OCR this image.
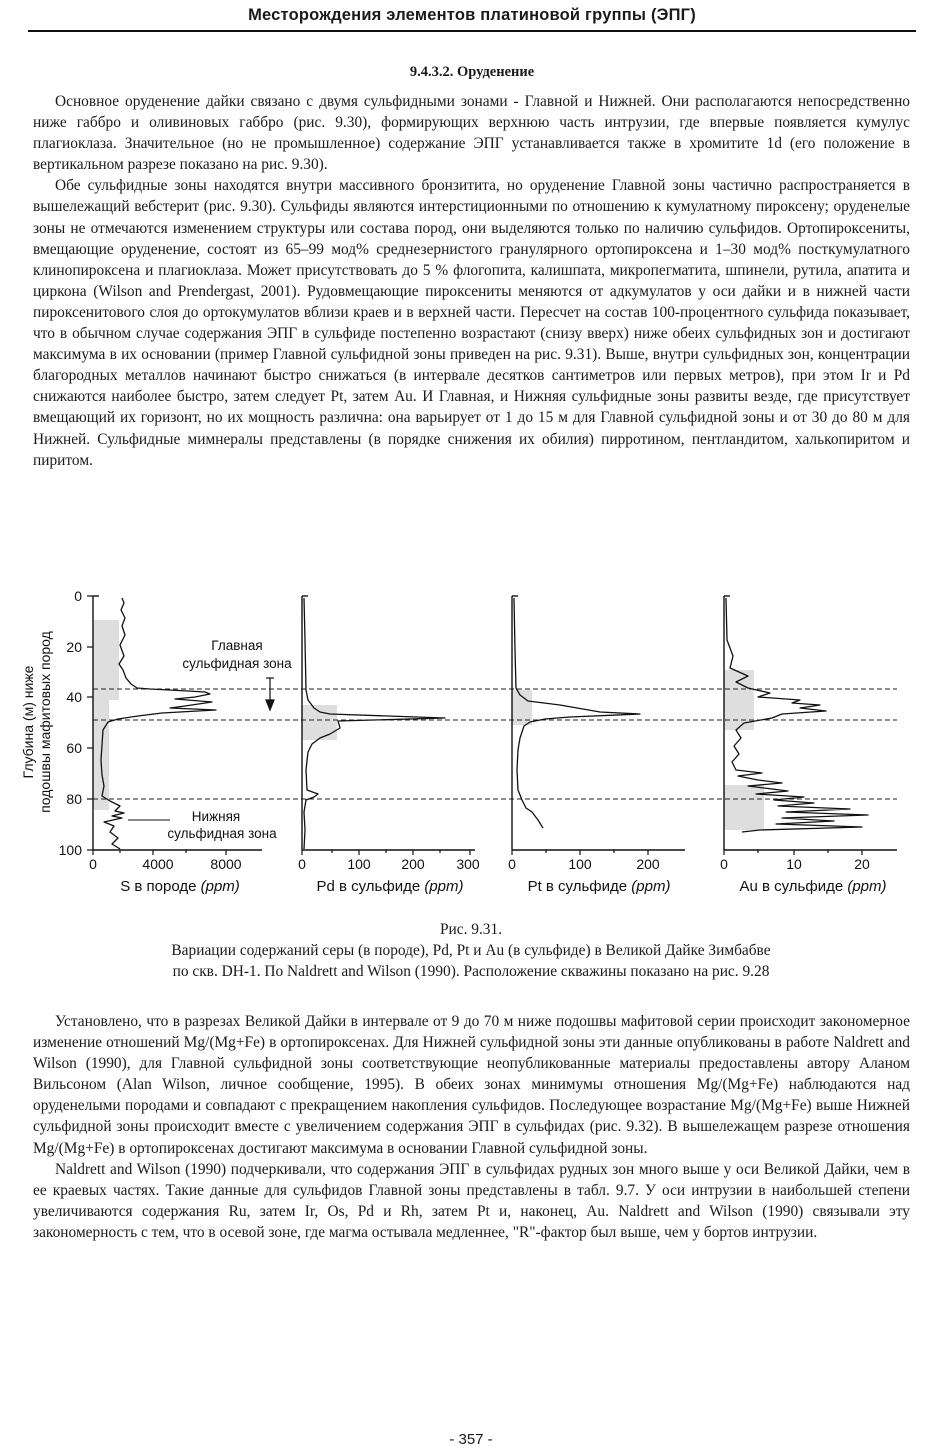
Месторождения элементов платиновой группы (ЭПГ)
9.4.3.2. Оруденение

Основное оруденение дайки связано с двумя сульфидными зонами - Главной и Нижней. Они располагаются непосредственно ниже габбро и оливиновых габбро (рис. 9.30), формирующих верхнюю часть интрузии, где впервые появляется кумулус плагиоклаза. Значительное (но не промышленное) содержание ЭПГ устанавливается также в хромитите 1d (его положение в вертикальном разрезе показано на рис. 9.30).

Обе сульфидные зоны находятся внутри массивного бронзитита, но оруденение Главной зоны частично распространяется в вышележащий вебстерит (рис. 9.30). Сульфиды являются интерстиционными по отношению к кумулатному пироксену; оруденелые зоны не отмечаются изменением структуры или состава пород, они выделяются только по наличию сульфидов. Ортопироксениты, вмещающие оруденение, состоят из 65–99 мод% среднезернистого гранулярного ортопироксена и 1–30 мод% посткумулатного клинопироксена и плагиоклаза. Может присутствовать до 5 % флогопита, калишпата, микропегматита, шпинели, рутила, апатита и циркона (Wilson and Prendergast, 2001). Рудовмещающие пироксениты меняются от адкумулатов у оси дайки и в нижней части пироксенитового слоя до ортокумулатов вблизи краев и в верхней части. Пересчет на состав 100-процентного сульфида показывает, что в обычном случае содержания ЭПГ в сульфиде постепенно возрастают (снизу вверх) ниже обеих сульфидных зон и достигают максимума в их основании (пример Главной сульфидной зоны приведен на рис. 9.31). Выше, внутри сульфидных зон, концентрации благородных металлов начинают быстро снижаться (в интервале десятков сантиметров или первых метров), при этом Ir и Pd снижаются наиболее быстро, затем следует Pt, затем Au. И Главная, и Нижняя сульфидные зоны развиты везде, где присутствует вмещающий их горизонт, но их мощность различна: она варьирует от 1 до 15 м для Главной сульфидной зоны и от 30 до 80 м для Нижней. Сульфидные мимнералы представлены (в порядке снижения их обилия) пирротином, пентландитом, халькопиритом и пиритом.

0
20
40
60
80
100
Глубина (м) ниже подошвы мафитовых пород
0	4000	8000	0	100 200 300 0	100	200	0	10	20
S в породе (ppm)	Pd в сульфиде (ppm)	Pt в сульфиде (ppm)	Au в сульфиде (ppm)
Главная
сульфидная зона
Нижняя
сульфидная зона
Рис. 9.31.
Вариации содержаний серы (в породе), Pd, Pt и Au (в сульфиде) в Великой Дайке Зимбабве
по скв. DH-1. По Naldrett and Wilson (1990). Расположение скважины показано на рис. 9.28

Установлено, что в разрезах Великой Дайки в интервале от 9 до 70 м ниже подошвы мафитовой серии происходит закономерное изменение отношений Mg/(Mg+Fe) в ортопироксенах. Для Нижней сульфидной зоны эти данные опубликованы в работе Naldrett and Wilson (1990), для Главной сульфидной зоны соответствующие неопубликованные материалы предоставлены автору Аланом Вильсоном (Alan Wilson, личное сообщение, 1995). В обеих зонах минимумы отношения Mg/(Mg+Fe) наблюдаются над оруденелыми породами и совпадают с прекращением накопления сульфидов. Последующее возрастание Mg/(Mg+Fe) выше Нижней сульфидной зоны происходит вместе с увеличением содержания ЭПГ в сульфидах (рис. 9.32). В вышележащем разрезе отношения Mg/(Mg+Fe) в ортопироксенах достигают максимума в основании Главной сульфидной зоны.

Naldrett and Wilson (1990) подчеркивали, что содержания ЭПГ в сульфидах рудных зон много выше у оси Великой Дайки, чем в ее краевых частях. Такие данные для сульфидов Главной зоны представлены в табл. 9.7. У оси интрузии в наибольшей степени увеличиваются содержания Ru, затем Ir, Os, Pd и Rh, затем Pt и, наконец, Au. Naldrett and Wilson (1990) связывали эту закономерность с тем, что в осевой зоне, где магма остывала медленнее, "R"-фактор был выше, чем у бортов интрузии.

- 357 -
